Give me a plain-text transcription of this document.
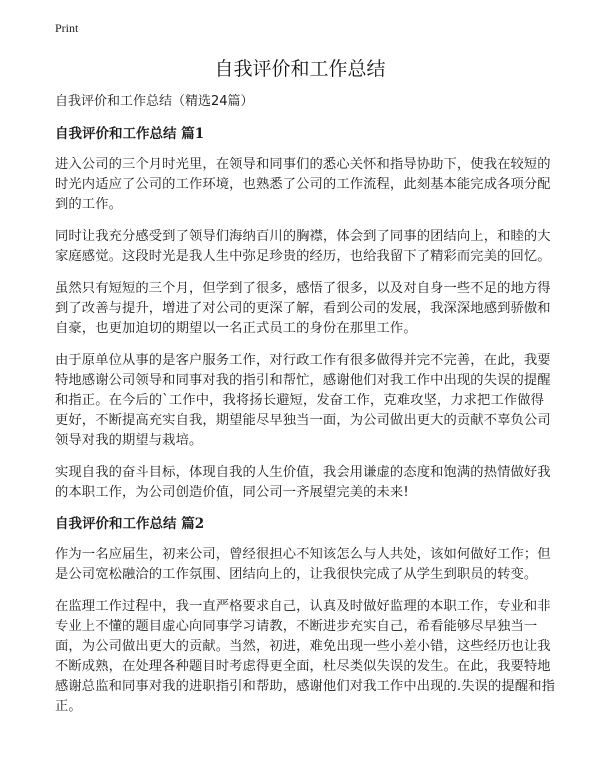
Print
自我评价和工作总结

自我评价和工作总结（精选24篇）

自我评价和工作总结 篇1

进入公司的三个月时光里，在领导和同事们的悉心关怀和指导协助下，使我在较短的时光内适应了公司的工作环境，也熟悉了公司的工作流程，此刻基本能完成各项分配到的工作。

同时让我充分感受到了领导们海纳百川的胸襟，体会到了同事的团结向上，和睦的大家庭感觉。这段时光是我人生中弥足珍贵的经历，也给我留下了精彩而完美的回忆。

虽然只有短短的三个月，但学到了很多，感悟了很多，以及对自身一些不足的地方得到了改善与提升，增进了对公司的更深了解，看到公司的发展，我深深地感到骄傲和自豪，也更加迫切的期望以一名正式员工的身份在那里工作。

由于原单位从事的是客户服务工作，对行政工作有很多做得并完不完善，在此，我要特地感谢公司领导和同事对我的指引和帮忙，感谢他们对我工作中出现的失误的提醒和指正。在今后的`工作中，我将扬长避短，发奋工作，克难攻坚，力求把工作做得更好，不断提高充实自我，期望能尽早独当一面，为公司做出更大的贡献不辜负公司领导对我的期望与栽培。

实现自我的奋斗目标，体现自我的人生价值，我会用谦虚的态度和饱满的热情做好我的本职工作，为公司创造价值，同公司一齐展望完美的未来!

自我评价和工作总结 篇2

作为一名应届生，初来公司，曾经很担心不知该怎么与人共处，该如何做好工作；但是公司宽松融洽的工作氛围、团结向上的，让我很快完成了从学生到职员的转变。

在监理工作过程中，我一直严格要求自己，认真及时做好监理的本职工作，专业和非专业上不懂的题目虚心向同事学习请教，不断进步充实自己，希看能够尽早独当一面，为公司做出更大的贡献。当然，初进，难免出现一些小差小错，这些经历也让我不断成熟，在处理各种题目时考虑得更全面，杜尽类似失误的发生。在此，我要特地感谢总监和同事对我的进职指引和帮助，感谢他们对我工作中出现的.失误的提醒和指正。
